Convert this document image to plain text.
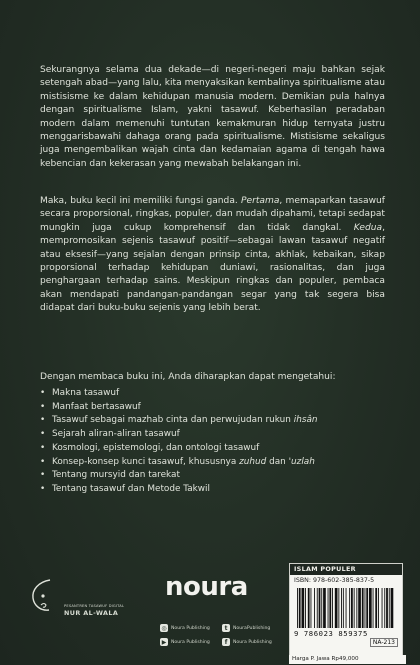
Sekurangnya selama dua dekade—di negeri-negeri maju bahkan sejak setengah abad—yang lalu, kita menyaksikan kembalinya spiritualisme atau mistisisme ke dalam kehidupan manusia modern. Demikian pula halnya dengan spiritualisme Islam, yakni tasawuf. Keberhasilan peradaban modern dalam memenuhi tuntutan kemakmuran hidup ternyata justru menggarisbawahi dahaga orang pada spiritualisme. Mistisisme sekaligus juga mengembalikan wajah cinta dan kedamaian agama di tengah hawa kebencian dan kekerasan yang mewabah belakangan ini.

Maka, buku kecil ini memiliki fungsi ganda. Pertama, memaparkan tasawuf secara proporsional, ringkas, populer, dan mudah dipahami, tetapi sedapat mungkin juga cukup komprehensif dan tidak dangkal. Kedua, mempromosikan sejenis tasawuf positif—sebagai lawan tasawuf negatif atau eksesif—yang sejalan dengan prinsip cinta, akhlak, kebaikan, sikap proporsional terhadap kehidupan duniawi, rasionalitas, dan juga penghargaan terhadap sains. Meskipun ringkas dan populer, pembaca akan mendapati pandangan-pandangan segar yang tak segera bisa didapat dari buku-buku sejenis yang lebih berat.

Dengan membaca buku ini, Anda diharapkan dapat mengetahui:

• Makna tasawuf
• Manfaat bertasawuf
• Tasawuf sebagai mazhab cinta dan perwujudan rukun ihsân
• Sejarah aliran-aliran tasawuf
• Kosmologi, epistemologi, dan ontologi tasawuf
• Konsep-konsep kunci tasawuf, khususnya zuhud dan 'uzlah
• Tentang mursyid dan tarekat
• Tentang tasawuf dan Metode Takwil
PESANTREN TASAWUF DIGITAL
NUR AL-WALA
noura
◎ Noura Publishing	t	NouraPublishing
▶	Noura Publishing	f	Noura Publishing
ISLAM POPULER
ISBN: 978-602-385-837-5
9 786023 859375
NA-213
Harga P. Jawa Rp49,000
